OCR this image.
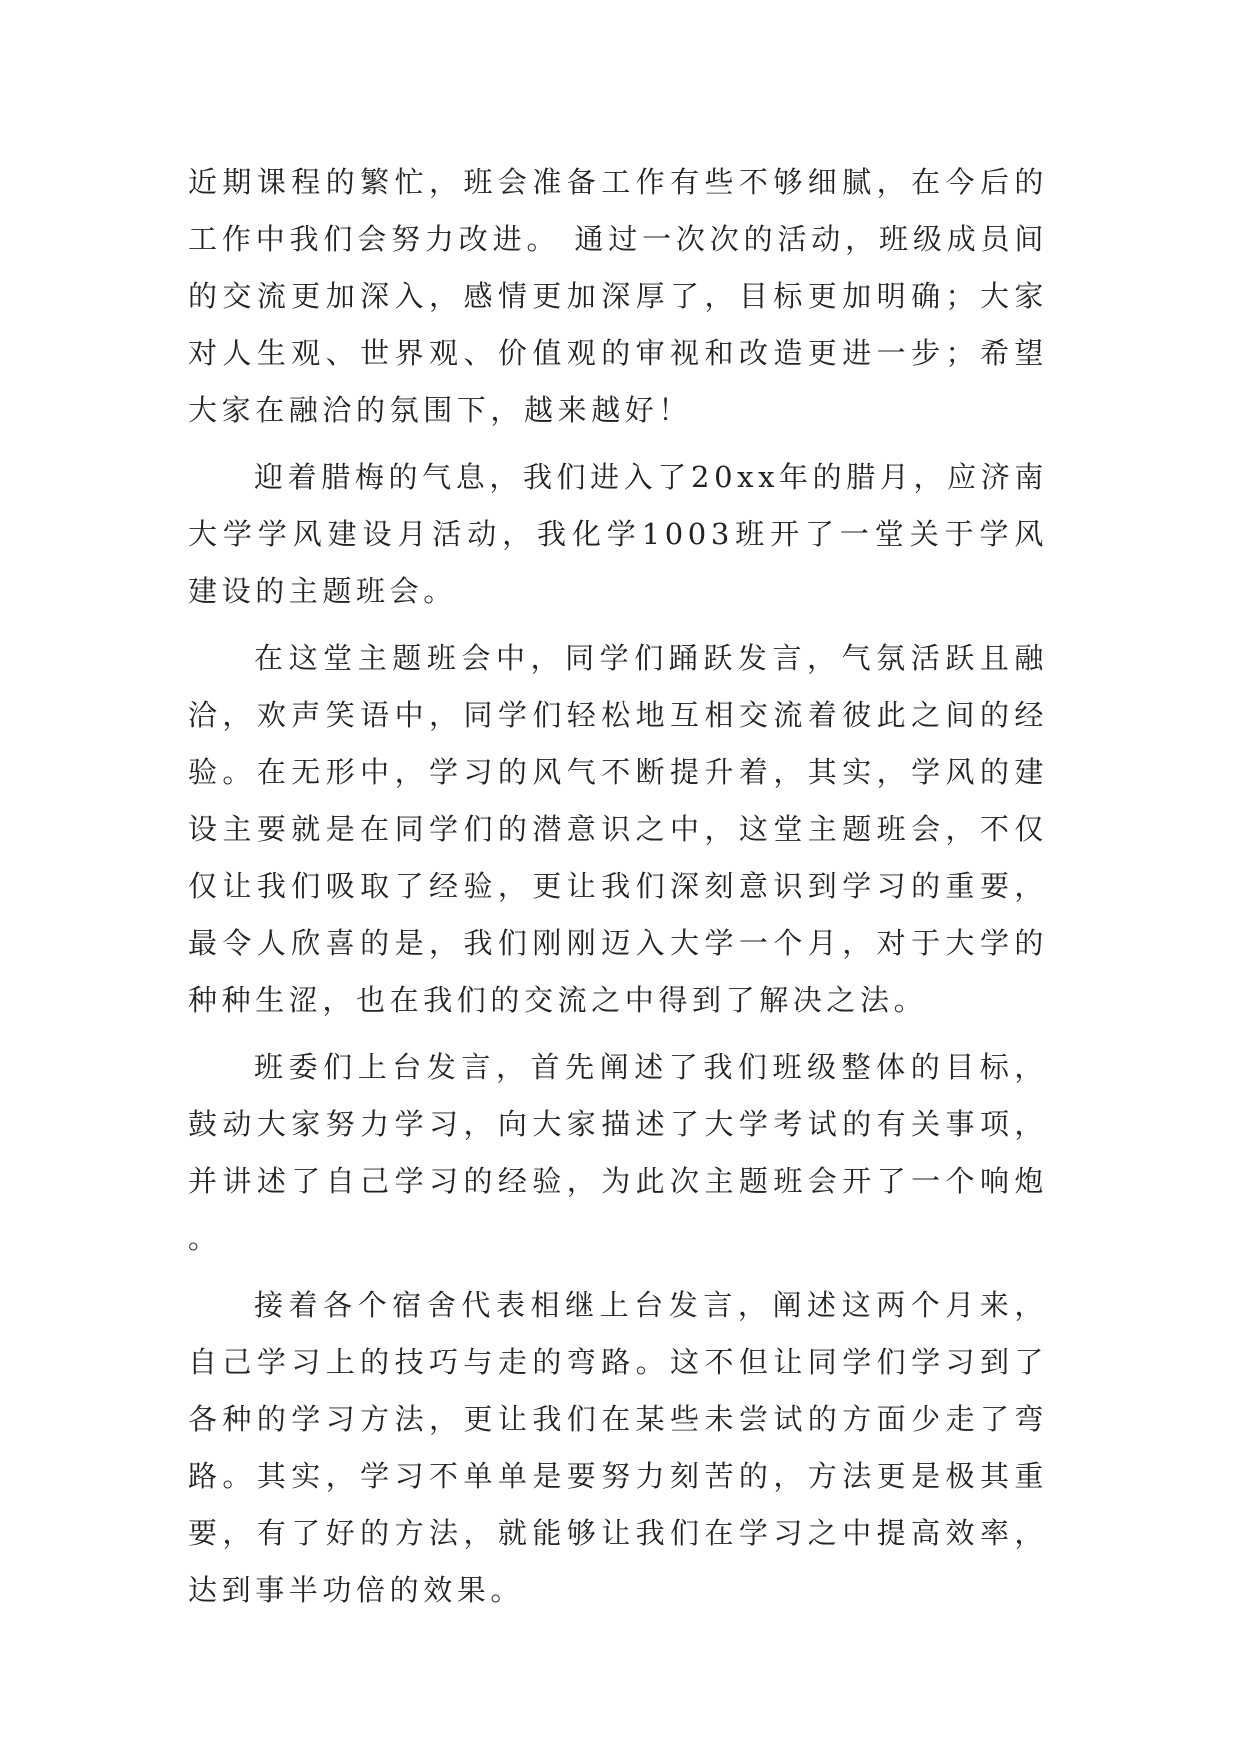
近期课程的繁忙，班会准备工作有些不够细腻，在今后的工作中我们会努力改进。 通过一次次的活动，班级成员间的交流更加深入，感情更加深厚了，目标更加明确；大家对人生观、世界观、价值观的审视和改造更进一步；希望大家在融洽的氛围下，越来越好！

迎着腊梅的气息，我们进入了20xx年的腊月，应济南大学学风建设月活动，我化学1003班开了一堂关于学风建设的主题班会。

在这堂主题班会中，同学们踊跃发言，气氛活跃且融洽，欢声笑语中，同学们轻松地互相交流着彼此之间的经验。在无形中，学习的风气不断提升着，其实，学风的建设主要就是在同学们的潜意识之中，这堂主题班会，不仅仅让我们吸取了经验，更让我们深刻意识到学习的重要，最令人欣喜的是，我们刚刚迈入大学一个月，对于大学的种种生涩，也在我们的交流之中得到了解决之法。

班委们上台发言，首先阐述了我们班级整体的目标，鼓动大家努力学习，向大家描述了大学考试的有关事项，并讲述了自己学习的经验，为此次主题班会开了一个响炮。

接着各个宿舍代表相继上台发言，阐述这两个月来，自己学习上的技巧与走的弯路。这不但让同学们学习到了各种的学习方法，更让我们在某些未尝试的方面少走了弯路。其实，学习不单单是要努力刻苦的，方法更是极其重要，有了好的方法，就能够让我们在学习之中提高效率，达到事半功倍的效果。
